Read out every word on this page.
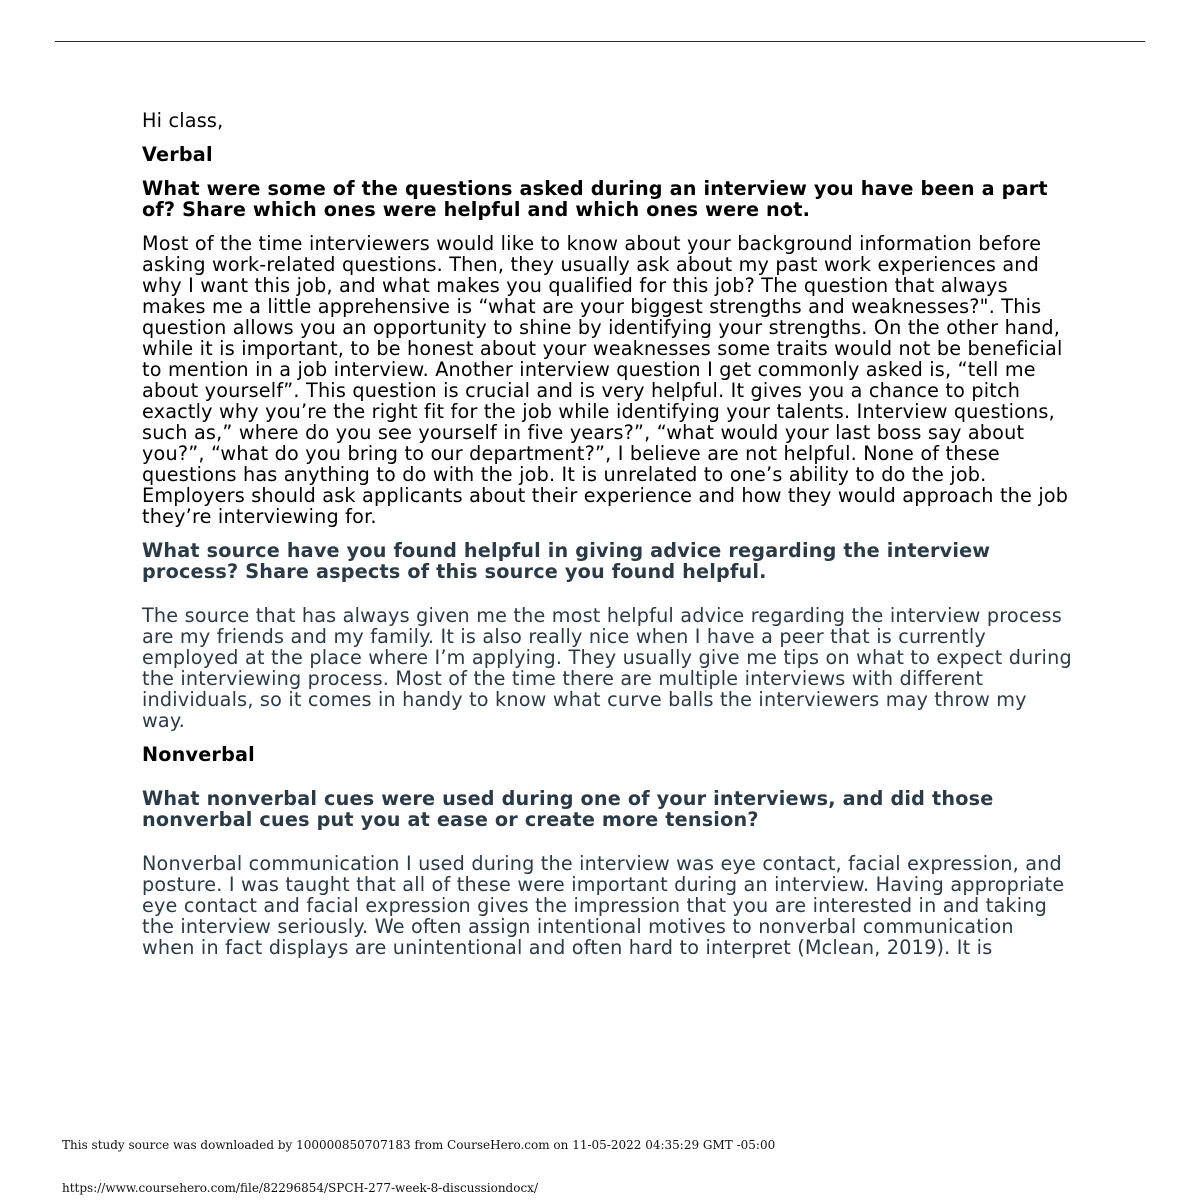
Hi class,

Verbal

What were some of the questions asked during an interview you have been a part of? Share which ones were helpful and which ones were not.

Most of the time interviewers would like to know about your background information before asking work-related questions. Then, they usually ask about my past work experiences and why I want this job, and what makes you qualified for this job? The question that always makes me a little apprehensive is “what are your biggest strengths and weaknesses?". This question allows you an opportunity to shine by identifying your strengths. On the other hand, while it is important, to be honest about your weaknesses some traits would not be beneficial to mention in a job interview. Another interview question I get commonly asked is, “tell me about yourself”. This question is crucial and is very helpful. It gives you a chance to pitch exactly why you’re the right fit for the job while identifying your talents. Interview questions, such as,” where do you see yourself in five years?”, “what would your last boss say about you?”, “what do you bring to our department?”, I believe are not helpful. None of these questions has anything to do with the job. It is unrelated to one’s ability to do the job. Employers should ask applicants about their experience and how they would approach the job they’re interviewing for.

What source have you found helpful in giving advice regarding the interview process? Share aspects of this source you found helpful.

The source that has always given me the most helpful advice regarding the interview process are my friends and my family. It is also really nice when I have a peer that is currently employed at the place where I’m applying. They usually give me tips on what to expect during the interviewing process. Most of the time there are multiple interviews with different individuals, so it comes in handy to know what curve balls the interviewers may throw my way.

Nonverbal

What nonverbal cues were used during one of your interviews, and did those nonverbal cues put you at ease or create more tension?

Nonverbal communication I used during the interview was eye contact, facial expression, and posture. I was taught that all of these were important during an interview. Having appropriate eye contact and facial expression gives the impression that you are interested in and taking the interview seriously. We often assign intentional motives to nonverbal communication when in fact displays are unintentional and often hard to interpret (Mclean, 2019). It is

This study source was downloaded by 100000850707183 from CourseHero.com on 11-05-2022 04:35:29 GMT -05:00
https://www.coursehero.com/file/82296854/SPCH-277-week-8-discussiondocx/
